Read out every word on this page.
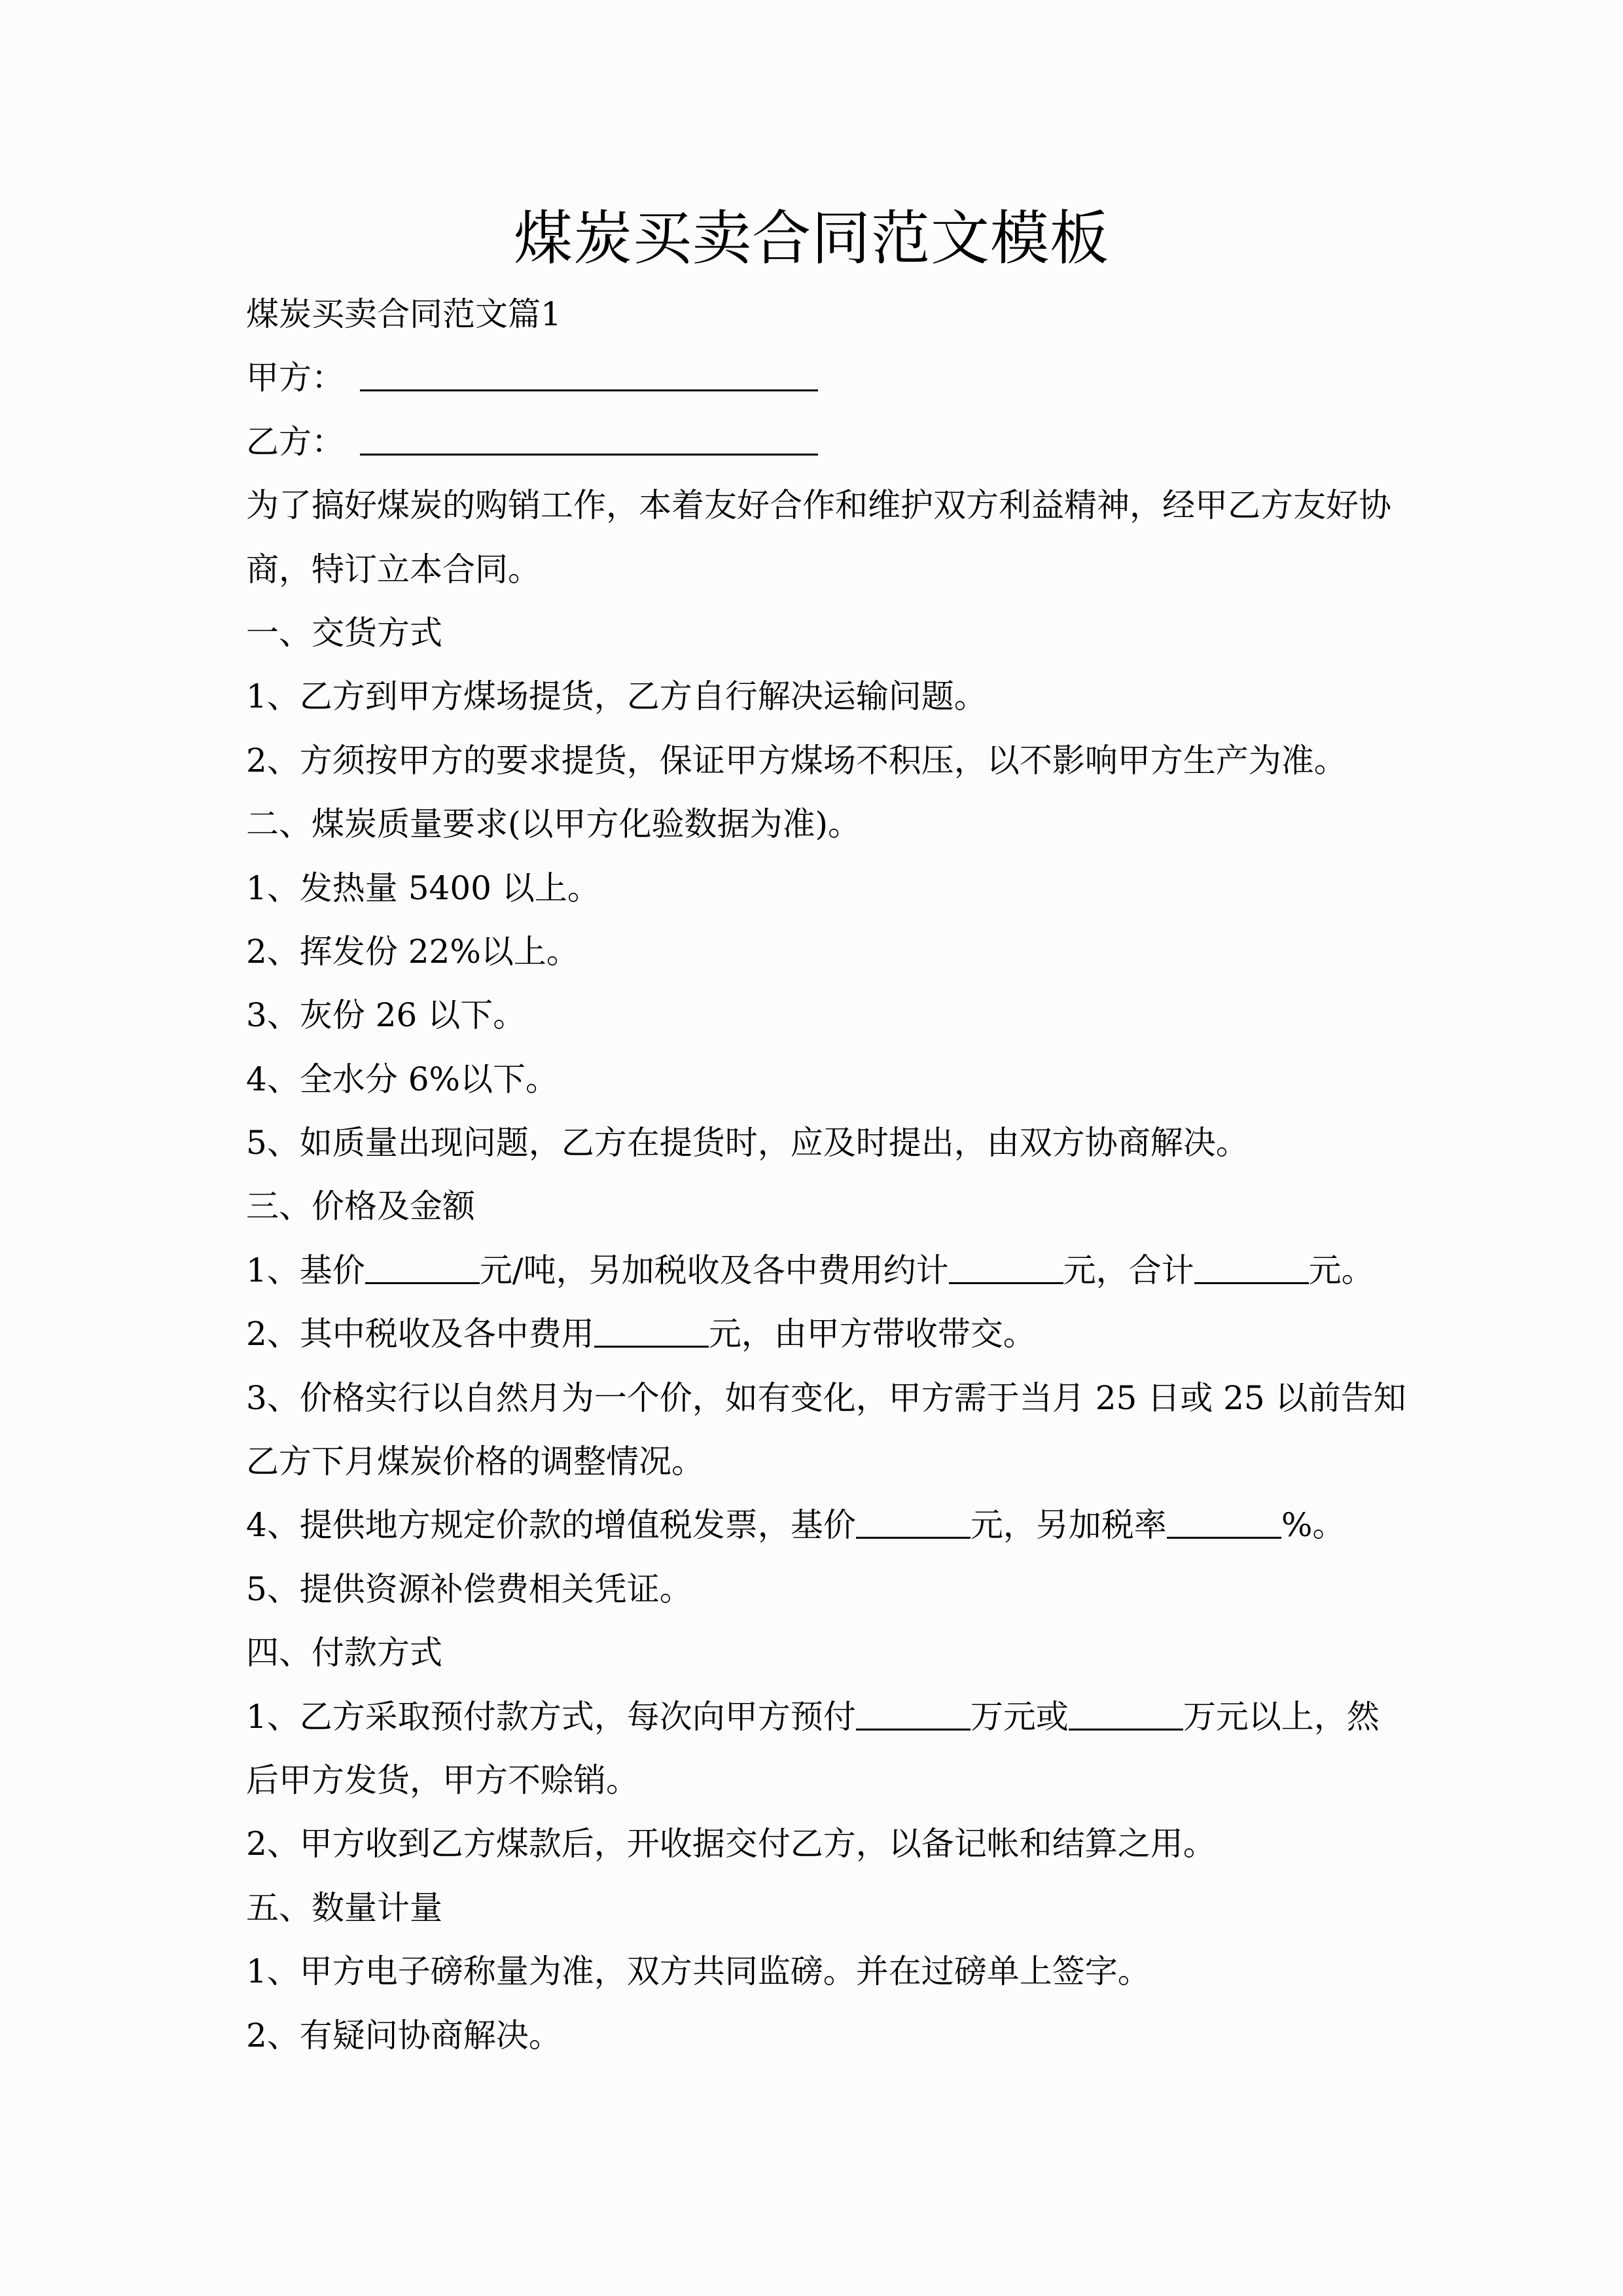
煤炭买卖合同范文模板

煤炭买卖合同范文篇1

甲方：

乙方：

为了搞好煤炭的购销工作，本着友好合作和维护双方利益精神，经甲乙方友好协

商，特订立本合同。

一、交货方式

1、乙方到甲方煤场提货，乙方自行解决运输问题。

2、方须按甲方的要求提货，保证甲方煤场不积压，以不影响甲方生产为准。

二、煤炭质量要求(以甲方化验数据为准)。

1、发热量 5400 以上。

2、挥发份 22%以上。

3、灰份 26 以下。

4、全水分 6%以下。

5、如质量出现问题，乙方在提货时，应及时提出，由双方协商解决。

三、价格及金额

1、基价	元/吨，另加税收及各中费用约计	元，合计	元。

2、其中税收及各中费用	元，由甲方带收带交。

3、价格实行以自然月为一个价，如有变化，甲方需于当月 25 日或 25 以前告知

乙方下月煤炭价格的调整情况。

4、提供地方规定价款的增值税发票，基价	元，另加税率	%。

5、提供资源补偿费相关凭证。

四、付款方式

1、乙方采取预付款方式，每次向甲方预付	万元或	万元以上，然

后甲方发货，甲方不赊销。

2、甲方收到乙方煤款后，开收据交付乙方，以备记帐和结算之用。

五、数量计量

1、甲方电子磅称量为准，双方共同监磅。并在过磅单上签字。

2、有疑问协商解决。
